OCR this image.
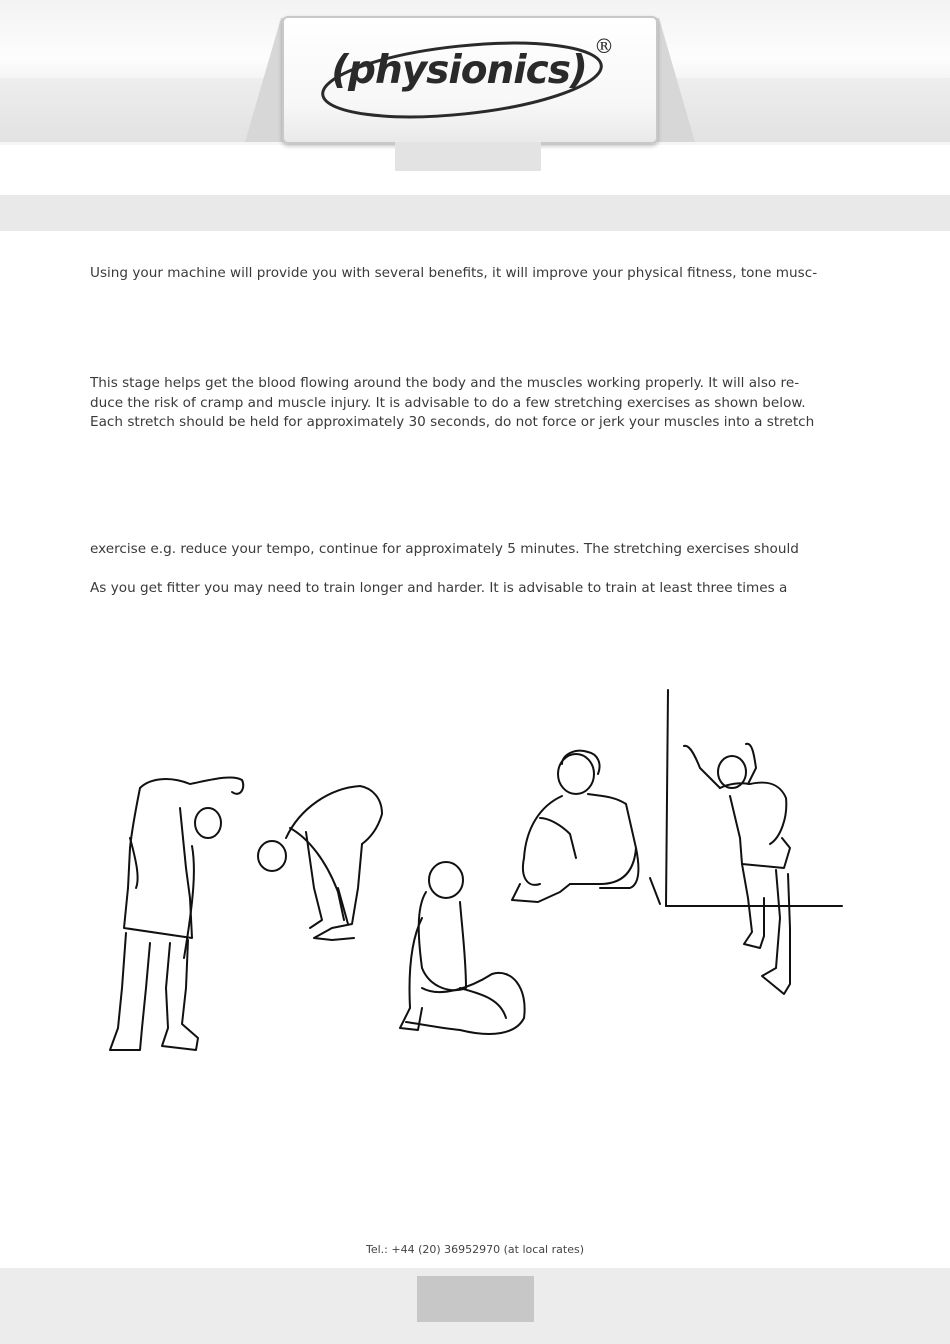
(physionics)
®

Using your machine will provide you with several benefits, it will improve your physical fitness, tone musc-

This stage helps get the blood flowing around the body and the muscles working properly. It will also re-
duce the risk of cramp and muscle injury. It is advisable to do a few stretching exercises as shown below.
Each stretch should be held for approximately 30 seconds, do not force or jerk your muscles into a stretch

exercise e.g. reduce your tempo, continue for approximately 5 minutes. The stretching exercises should

As you get fitter you may need to train longer and harder. It is advisable to train at least three times a

Tel.: +44 (20) 36952970 (at local rates)
